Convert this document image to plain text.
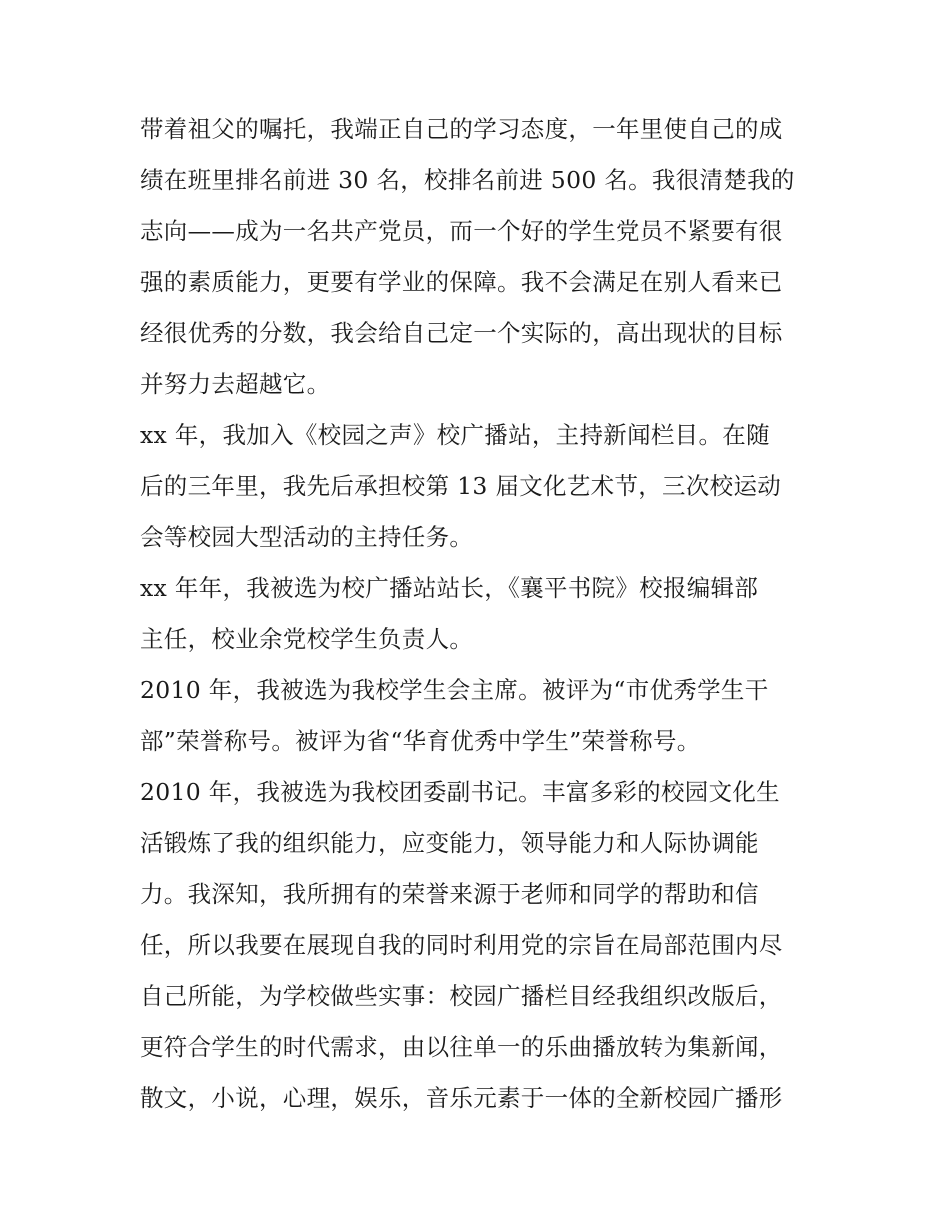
带着祖父的嘱托，我端正自己的学习态度，一年里使自己的成
绩在班里排名前进 30 名，校排名前进 500 名。我很清楚我的
志向——成为一名共产党员，而一个好的学生党员不紧要有很
强的素质能力，更要有学业的保障。我不会满足在别人看来已
经很优秀的分数，我会给自己定一个实际的，高出现状的目标
并努力去超越它。
xx 年，我加入《校园之声》校广播站，主持新闻栏目。在随
后的三年里，我先后承担校第 13 届文化艺术节，三次校运动
会等校园大型活动的主持任务。
xx 年年，我被选为校广播站站长，《襄平书院》校报编辑部
主任，校业余党校学生负责人。
2010 年，我被选为我校学生会主席。被评为“市优秀学生干
部”荣誉称号。被评为省“华育优秀中学生”荣誉称号。
2010 年，我被选为我校团委副书记。丰富多彩的校园文化生
活锻炼了我的组织能力，应变能力，领导能力和人际协调能
力。我深知，我所拥有的荣誉来源于老师和同学的帮助和信
任，所以我要在展现自我的同时利用党的宗旨在局部范围内尽
自己所能，为学校做些实事：校园广播栏目经我组织改版后，
更符合学生的时代需求，由以往单一的乐曲播放转为集新闻，
散文，小说，心理，娱乐，音乐元素于一体的全新校园广播形
